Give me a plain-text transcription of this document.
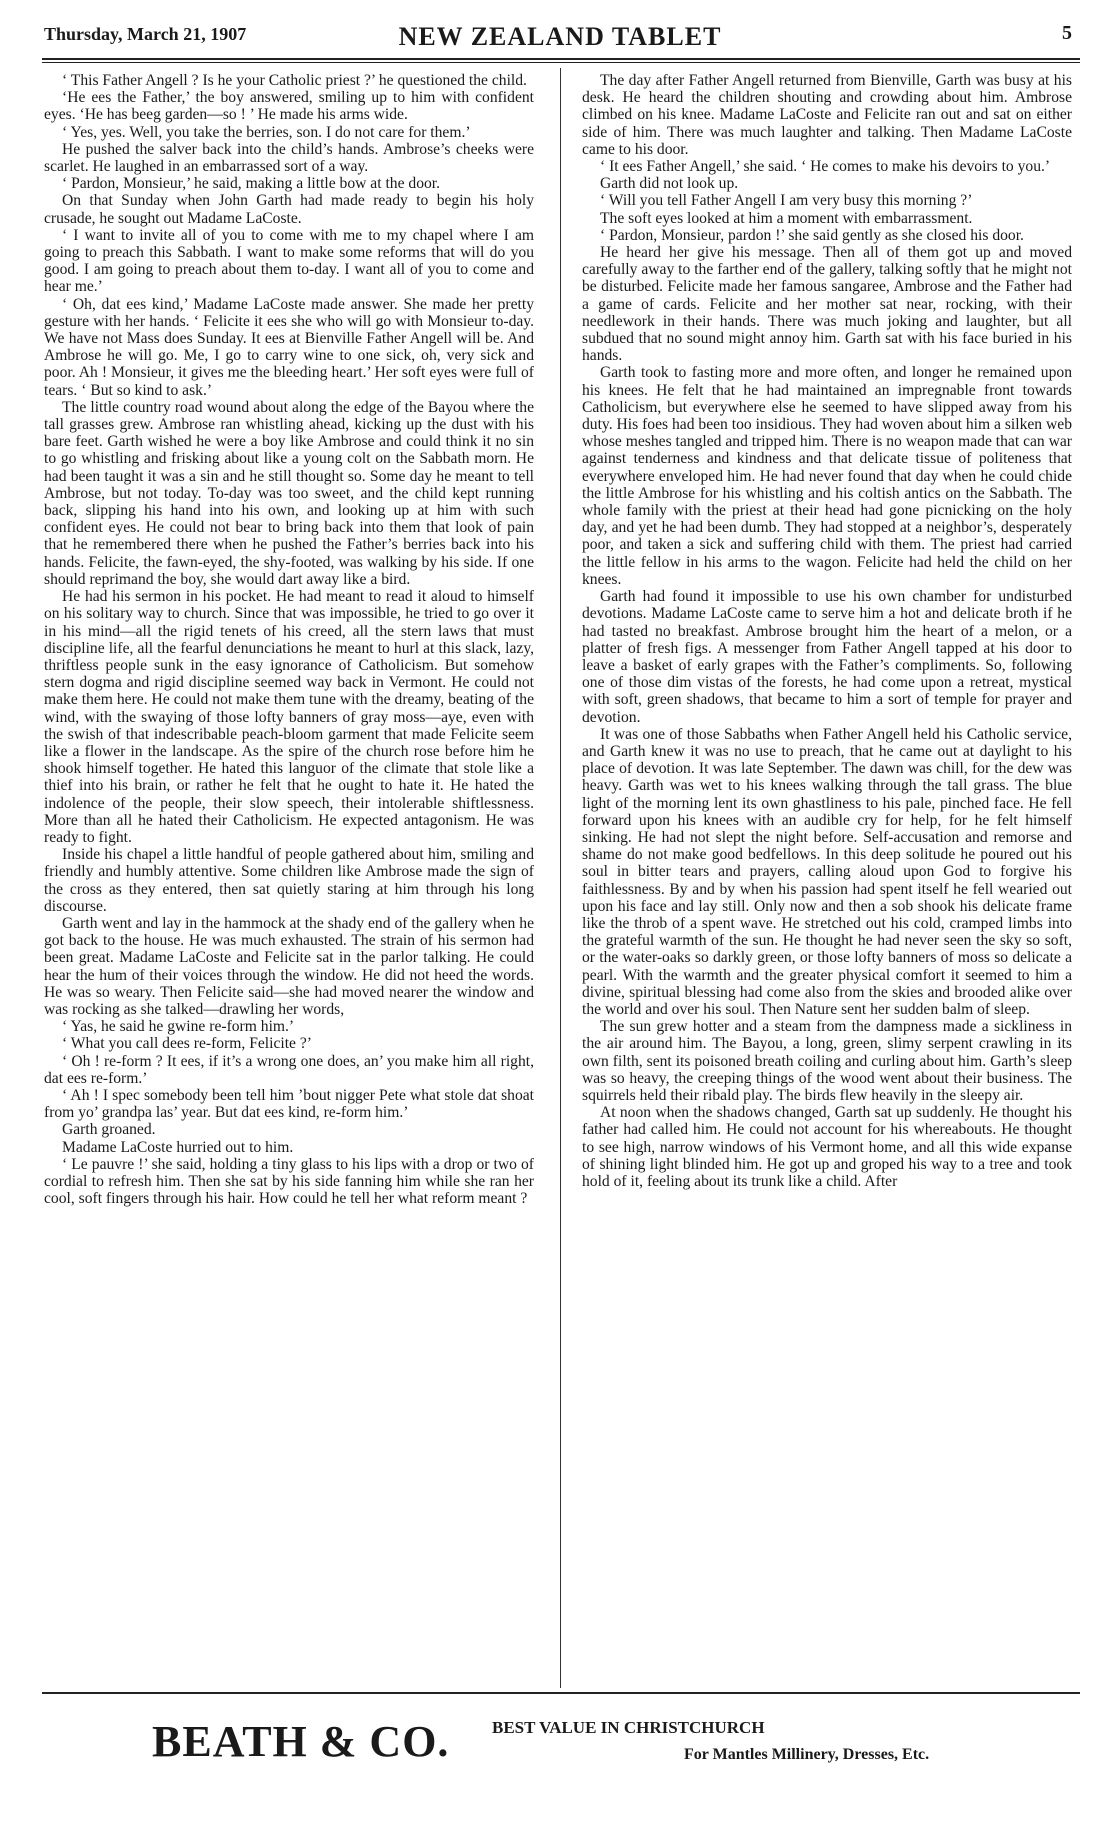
Thursday, March 21, 1907	NEW ZEALAND TABLET	5

‘ This Father Angell ? Is he your Catholic priest ?’ he questioned the child.

‘He ees the Father,’ the boy answered, smiling up to him with confident eyes. ‘He has beeg garden—so ! ’ He made his arms wide.

‘ Yes, yes. Well, you take the berries, son. I do not care for them.’

He pushed the salver back into the child’s hands. Ambrose’s cheeks were scarlet. He laughed in an embarrassed sort of a way.

‘ Pardon, Monsieur,’ he said, making a little bow at the door.

On that Sunday when John Garth had made ready to begin his holy crusade, he sought out Madame LaCoste.

‘ I want to invite all of you to come with me to my chapel where I am going to preach this Sabbath. I want to make some reforms that will do you good. I am going to preach about them to-day. I want all of you to come and hear me.’

‘ Oh, dat ees kind,’ Madame LaCoste made answer. She made her pretty gesture with her hands. ‘ Felicite it ees she who will go with Monsieur to-day. We have not Mass does Sunday. It ees at Bienville Father Angell will be. And Ambrose he will go. Me, I go to carry wine to one sick, oh, very sick and poor. Ah ! Monsieur, it gives me the bleeding heart.’ Her soft eyes were full of tears. ‘ But so kind to ask.’

The little country road wound about along the edge of the Bayou where the tall grasses grew. Ambrose ran whistling ahead, kicking up the dust with his bare feet. Garth wished he were a boy like Ambrose and could think it no sin to go whistling and frisking about like a young colt on the Sabbath morn. He had been taught it was a sin and he still thought so. Some day he meant to tell Ambrose, but not today. To-day was too sweet, and the child kept running back, slipping his hand into his own, and looking up at him with such confident eyes. He could not bear to bring back into them that look of pain that he remembered there when he pushed the Father’s berries back into his hands. Felicite, the fawn-eyed, the shy-footed, was walking by his side. If one should reprimand the boy, she would dart away like a bird.

He had his sermon in his pocket. He had meant to read it aloud to himself on his solitary way to church. Since that was impossible, he tried to go over it in his mind—all the rigid tenets of his creed, all the stern laws that must discipline life, all the fearful denunciations he meant to hurl at this slack, lazy, thriftless people sunk in the easy ignorance of Catholicism. But somehow stern dogma and rigid discipline seemed way back in Vermont. He could not make them here. He could not make them tune with the dreamy, beating of the wind, with the swaying of those lofty banners of gray moss—aye, even with the swish of that indescribable peach-bloom garment that made Felicite seem like a flower in the landscape. As the spire of the church rose before him he shook himself together. He hated this languor of the climate that stole like a thief into his brain, or rather he felt that he ought to hate it. He hated the indolence of the people, their slow speech, their intolerable shiftlessness. More than all he hated their Catholicism. He expected antagonism. He was ready to fight.

Inside his chapel a little handful of people gathered about him, smiling and friendly and humbly attentive. Some children like Ambrose made the sign of the cross as they entered, then sat quietly staring at him through his long discourse.

Garth went and lay in the hammock at the shady end of the gallery when he got back to the house. He was much exhausted. The strain of his sermon had been great. Madame LaCoste and Felicite sat in the parlor talking. He could hear the hum of their voices through the window. He did not heed the words. He was so weary. Then Felicite said—she had moved nearer the window and was rocking as she talked—drawling her words,

‘ Yas, he said he gwine re-form him.’

‘ What you call dees re-form, Felicite ?’

‘ Oh ! re-form ? It ees, if it’s a wrong one does, an’ you make him all right, dat ees re-form.’

‘ Ah ! I spec somebody been tell him ’bout nigger Pete what stole dat shoat from yo’ grandpa las’ year. But dat ees kind, re-form him.’

Garth groaned.

Madame LaCoste hurried out to him.

‘ Le pauvre !’ she said, holding a tiny glass to his lips with a drop or two of cordial to refresh him. Then she sat by his side fanning him while she ran her cool, soft fingers through his hair. How could he tell her what reform meant ?

The day after Father Angell returned from Bienville, Garth was busy at his desk. He heard the children shouting and crowding about him. Ambrose climbed on his knee. Madame LaCoste and Felicite ran out and sat on either side of him. There was much laughter and talking. Then Madame LaCoste came to his door.

‘ It ees Father Angell,’ she said. ‘ He comes to make his devoirs to you.’

Garth did not look up.

‘ Will you tell Father Angell I am very busy this morning ?’

The soft eyes looked at him a moment with embarrassment.

‘ Pardon, Monsieur, pardon !’ she said gently as she closed his door.

He heard her give his message. Then all of them got up and moved carefully away to the farther end of the gallery, talking softly that he might not be disturbed. Felicite made her famous sangaree, Ambrose and the Father had a game of cards. Felicite and her mother sat near, rocking, with their needlework in their hands. There was much joking and laughter, but all subdued that no sound might annoy him. Garth sat with his face buried in his hands.

Garth took to fasting more and more often, and longer he remained upon his knees. He felt that he had maintained an impregnable front towards Catholicism, but everywhere else he seemed to have slipped away from his duty. His foes had been too insidious. They had woven about him a silken web whose meshes tangled and tripped him. There is no weapon made that can war against tenderness and kindness and that delicate tissue of politeness that everywhere enveloped him. He had never found that day when he could chide the little Ambrose for his whistling and his coltish antics on the Sabbath. The whole family with the priest at their head had gone picnicking on the holy day, and yet he had been dumb. They had stopped at a neighbor’s, desperately poor, and taken a sick and suffering child with them. The priest had carried the little fellow in his arms to the wagon. Felicite had held the child on her knees.

Garth had found it impossible to use his own chamber for undisturbed devotions. Madame LaCoste came to serve him a hot and delicate broth if he had tasted no breakfast. Ambrose brought him the heart of a melon, or a platter of fresh figs. A messenger from Father Angell tapped at his door to leave a basket of early grapes with the Father’s compliments. So, following one of those dim vistas of the forests, he had come upon a retreat, mystical with soft, green shadows, that became to him a sort of temple for prayer and devotion.

It was one of those Sabbaths when Father Angell held his Catholic service, and Garth knew it was no use to preach, that he came out at daylight to his place of devotion. It was late September. The dawn was chill, for the dew was heavy. Garth was wet to his knees walking through the tall grass. The blue light of the morning lent its own ghastliness to his pale, pinched face. He fell forward upon his knees with an audible cry for help, for he felt himself sinking. He had not slept the night before. Self-accusation and remorse and shame do not make good bedfellows. In this deep solitude he poured out his soul in bitter tears and prayers, calling aloud upon God to forgive his faithlessness. By and by when his passion had spent itself he fell wearied out upon his face and lay still. Only now and then a sob shook his delicate frame like the throb of a spent wave. He stretched out his cold, cramped limbs into the grateful warmth of the sun. He thought he had never seen the sky so soft, or the water-oaks so darkly green, or those lofty banners of moss so delicate a pearl. With the warmth and the greater physical comfort it seemed to him a divine, spiritual blessing had come also from the skies and brooded alike over the world and over his soul. Then Nature sent her sudden balm of sleep.

The sun grew hotter and a steam from the dampness made a sickliness in the air around him. The Bayou, a long, green, slimy serpent crawling in its own filth, sent its poisoned breath coiling and curling about him. Garth’s sleep was so heavy, the creeping things of the wood went about their business. The squirrels held their ribald play. The birds flew heavily in the sleepy air.

At noon when the shadows changed, Garth sat up suddenly. He thought his father had called him. He could not account for his whereabouts. He thought to see high, narrow windows of his Vermont home, and all this wide expanse of shining light blinded him. He got up and groped his way to a tree and took hold of it, feeling about its trunk like a child. After

BEATH & CO.	BEST VALUE IN CHRISTCHURCH
For Mantles Millinery, Dresses, Etc.
